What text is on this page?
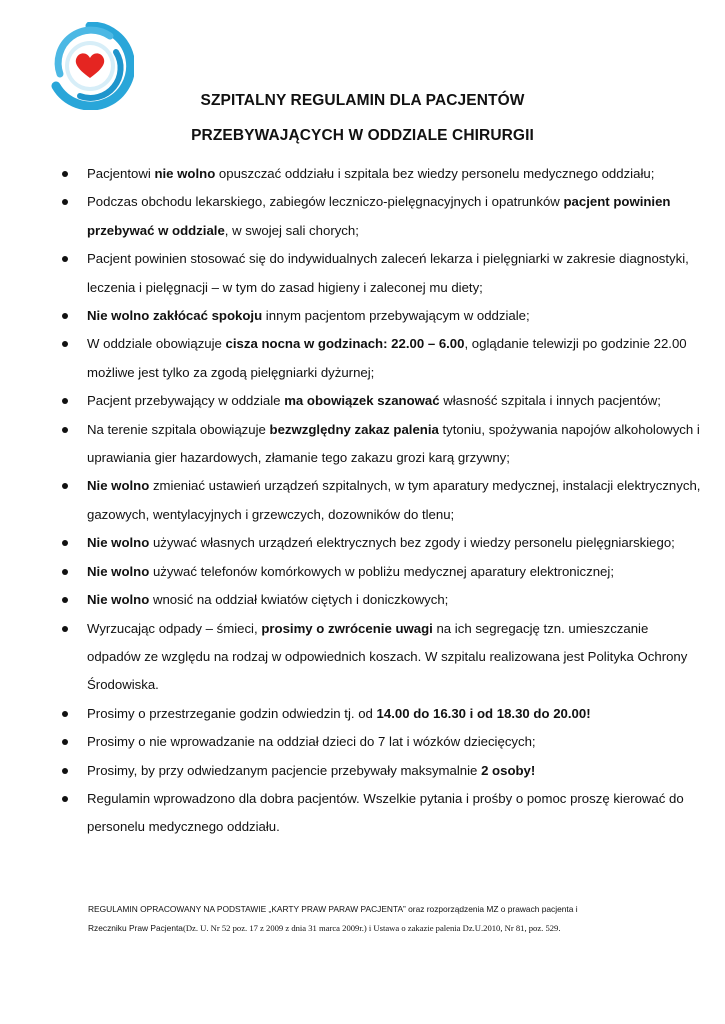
SZPITALNY REGULAMIN DLA PACJENTÓW
PRZEBYWAJĄCYCH W ODDZIALE CHIRURGII
Pacjentowi nie wolno opuszczać oddziału i szpitala bez wiedzy personelu medycznego oddziału;
Podczas obchodu lekarskiego, zabiegów leczniczo-pielęgnacyjnych i opatrunków pacjent powinien przebywać w oddziale, w swojej sali chorych;
Pacjent powinien stosować się do indywidualnych zaleceń lekarza i pielęgniarki w zakresie diagnostyki, leczenia i pielęgnacji – w tym do zasad higieny i zaleconej mu diety;
Nie wolno zakłócać spokoju innym pacjentom przebywającym w oddziale;
W oddziale obowiązuje cisza nocna w godzinach: 22.00 – 6.00, oglądanie telewizji po godzinie 22.00 możliwe jest tylko za zgodą pielęgniarki dyżurnej;
Pacjent przebywający w oddziale ma obowiązek szanować własność szpitala i innych pacjentów;
Na terenie szpitala obowiązuje bezwzględny zakaz palenia tytoniu, spożywania napojów alkoholowych i uprawiania gier hazardowych, złamanie tego zakazu grozi karą grzywny;
Nie wolno zmieniać ustawień urządzeń szpitalnych, w tym aparatury medycznej, instalacji elektrycznych, gazowych, wentylacyjnych i grzewczych, dozowników do tlenu;
Nie wolno używać własnych urządzeń elektrycznych bez zgody i wiedzy personelu pielęgniarskiego;
Nie wolno używać telefonów komórkowych w pobliżu medycznej aparatury elektronicznej;
Nie wolno wnosić na oddział kwiatów ciętych i doniczkowych;
Wyrzucając odpady – śmieci, prosimy o zwrócenie uwagi na ich segregację tzn. umieszczanie odpadów ze względu na rodzaj w odpowiednich koszach. W szpitalu realizowana jest Polityka Ochrony Środowiska.
Prosimy o przestrzeganie godzin odwiedzin tj. od 14.00 do 16.30 i od 18.30 do 20.00!
Prosimy o nie wprowadzanie na oddział dzieci do 7 lat i wózków dziecięcych;
Prosimy, by przy odwiedzanym pacjencie przebywały maksymalnie 2 osoby!
Regulamin wprowadzono dla dobra pacjentów. Wszelkie pytania i prośby o pomoc proszę kierować do personelu medycznego oddziału.
REGULAMIN OPRACOWANY NA PODSTAWIE „KARTY PRAW PARAW PACJENTA” oraz rozporządzenia MZ o prawach pacjenta i
Rzeczniku Praw Pacjenta(Dz. U. Nr 52 poz. 17 z 2009 z dnia 31 marca 2009r.) i Ustawa o zakazie palenia Dz.U.2010, Nr 81, poz. 529.
